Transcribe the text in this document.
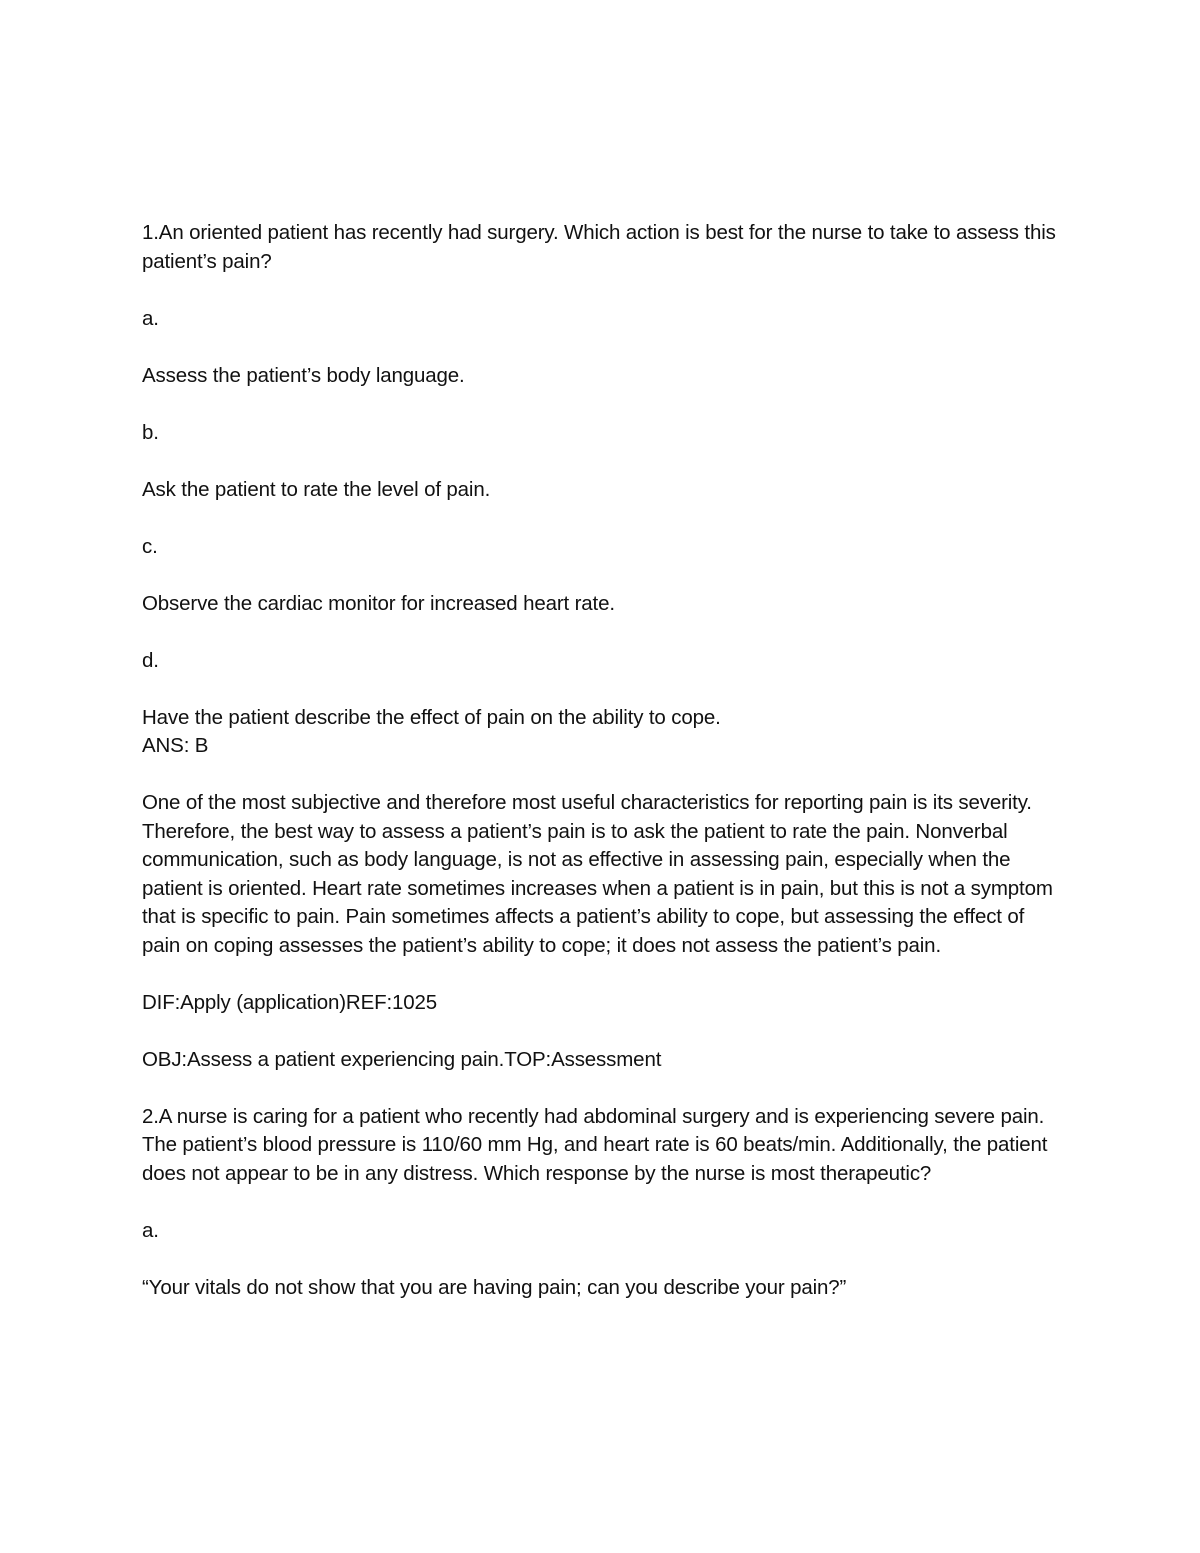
1.An oriented patient has recently had surgery. Which action is best for the nurse to take to assess this patient’s pain?

a.

Assess the patient’s body language.

b.

Ask the patient to rate the level of pain.

c.

Observe the cardiac monitor for increased heart rate.

d.

Have the patient describe the effect of pain on the ability to cope.

ANS: B

One of the most subjective and therefore most useful characteristics for reporting pain is its severity. Therefore, the best way to assess a patient’s pain is to ask the patient to rate the pain. Nonverbal communication, such as body language, is not as effective in assessing pain, especially when the patient is oriented. Heart rate sometimes increases when a patient is in pain, but this is not a symptom that is specific to pain. Pain sometimes affects a patient’s ability to cope, but assessing the effect of pain on coping assesses the patient’s ability to cope; it does not assess the patient’s pain.

DIF:Apply (application)REF:1025

OBJ:Assess a patient experiencing pain.TOP:Assessment

2.A nurse is caring for a patient who recently had abdominal surgery and is experiencing severe pain. The patient’s blood pressure is 110/60 mm Hg, and heart rate is 60 beats/min. Additionally, the patient does not appear to be in any distress. Which response by the nurse is most therapeutic?

a.

“Your vitals do not show that you are having pain; can you describe your pain?”
